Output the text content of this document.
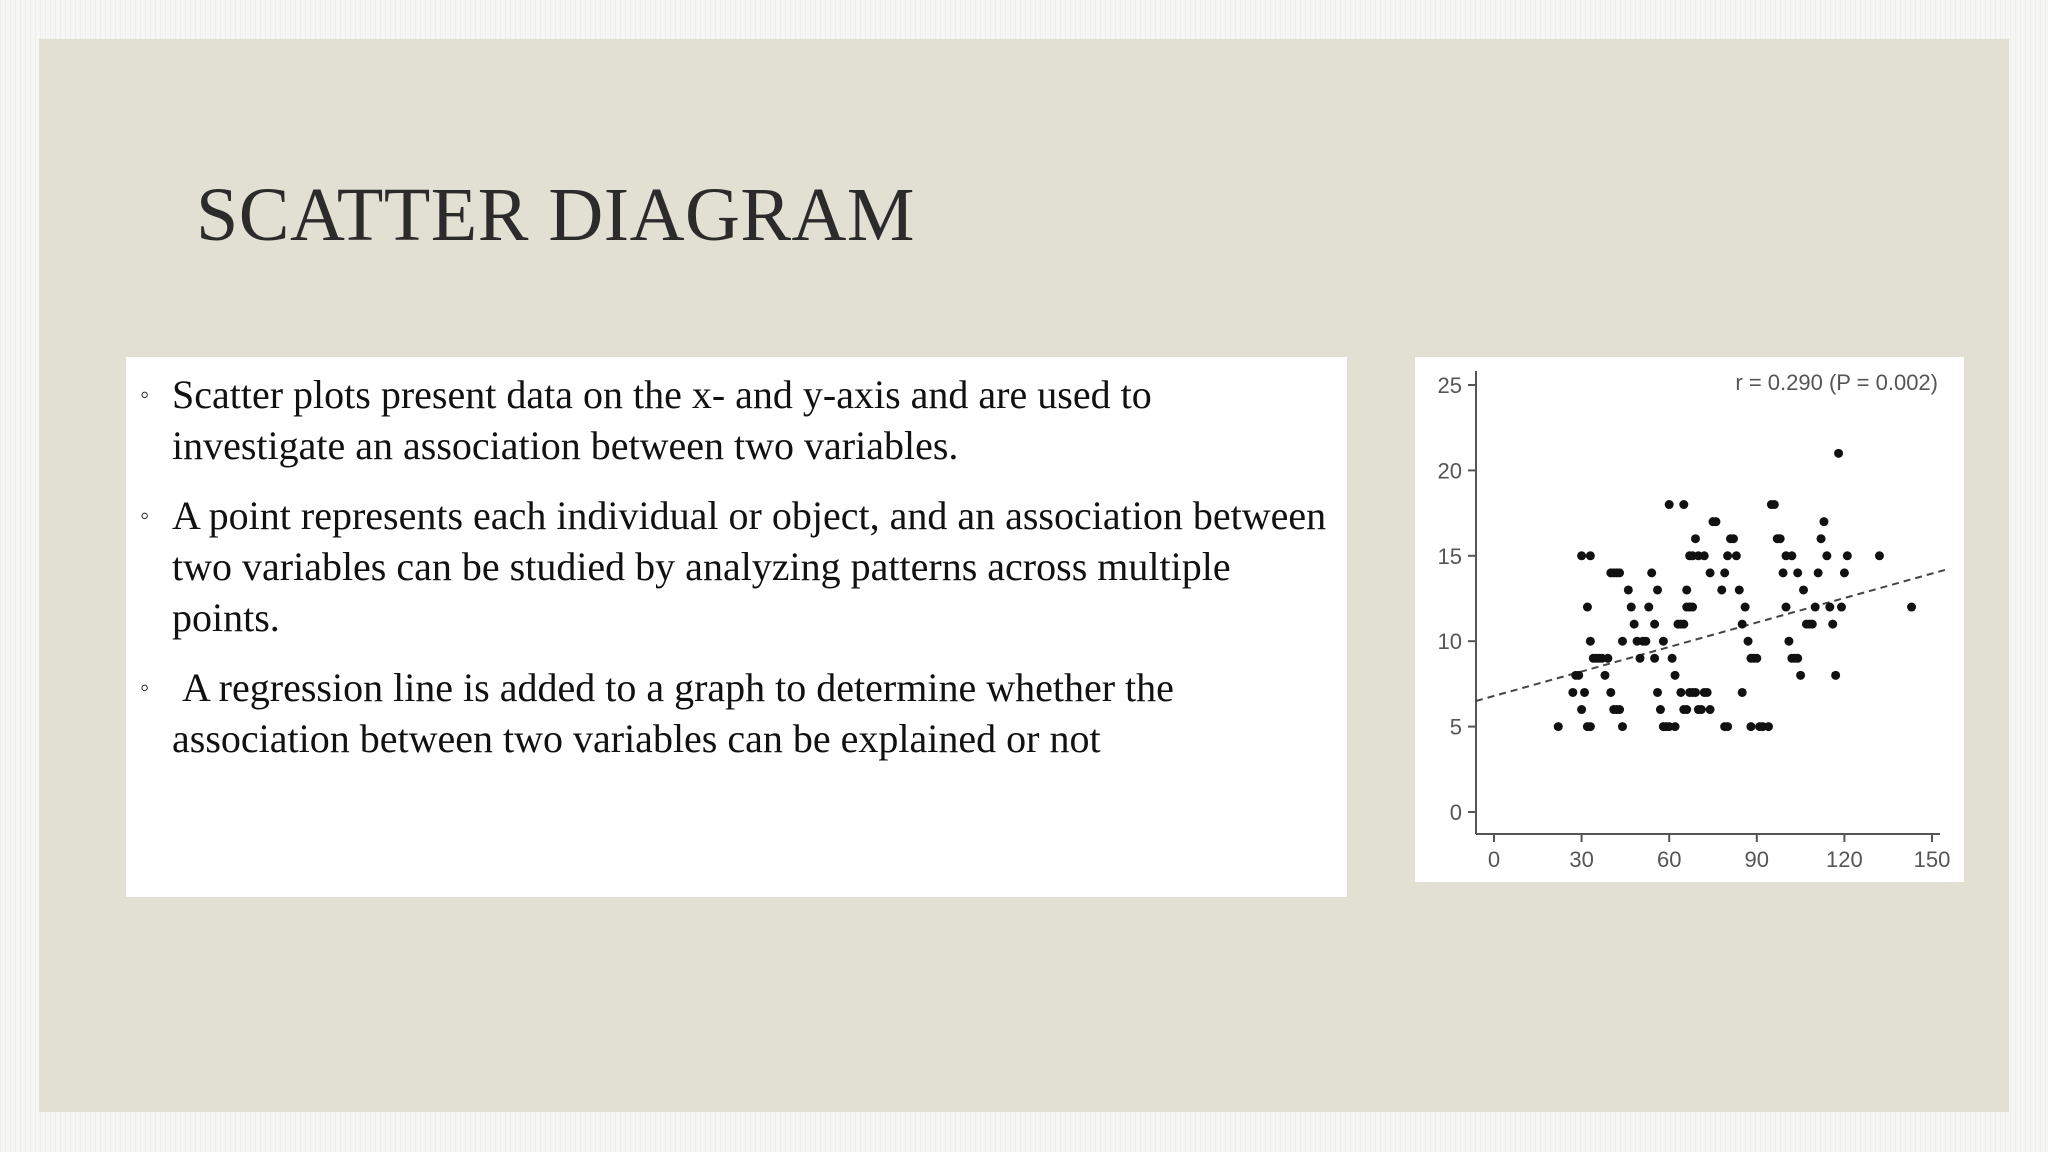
SCATTER DIAGRAM
◦ Scatter plots present data on the x- and y-axis and are used to investigate an association between two variables.
◦ A point represents each individual or object, and an association between two variables can be studied by analyzing patterns across multiple points.
◦ A regression line is added to a graph to determine whether the association between two variables can be explained or not
0
5
10
15
20
25
0	30	60	90	120 150
r = 0.290 (P = 0.002)
